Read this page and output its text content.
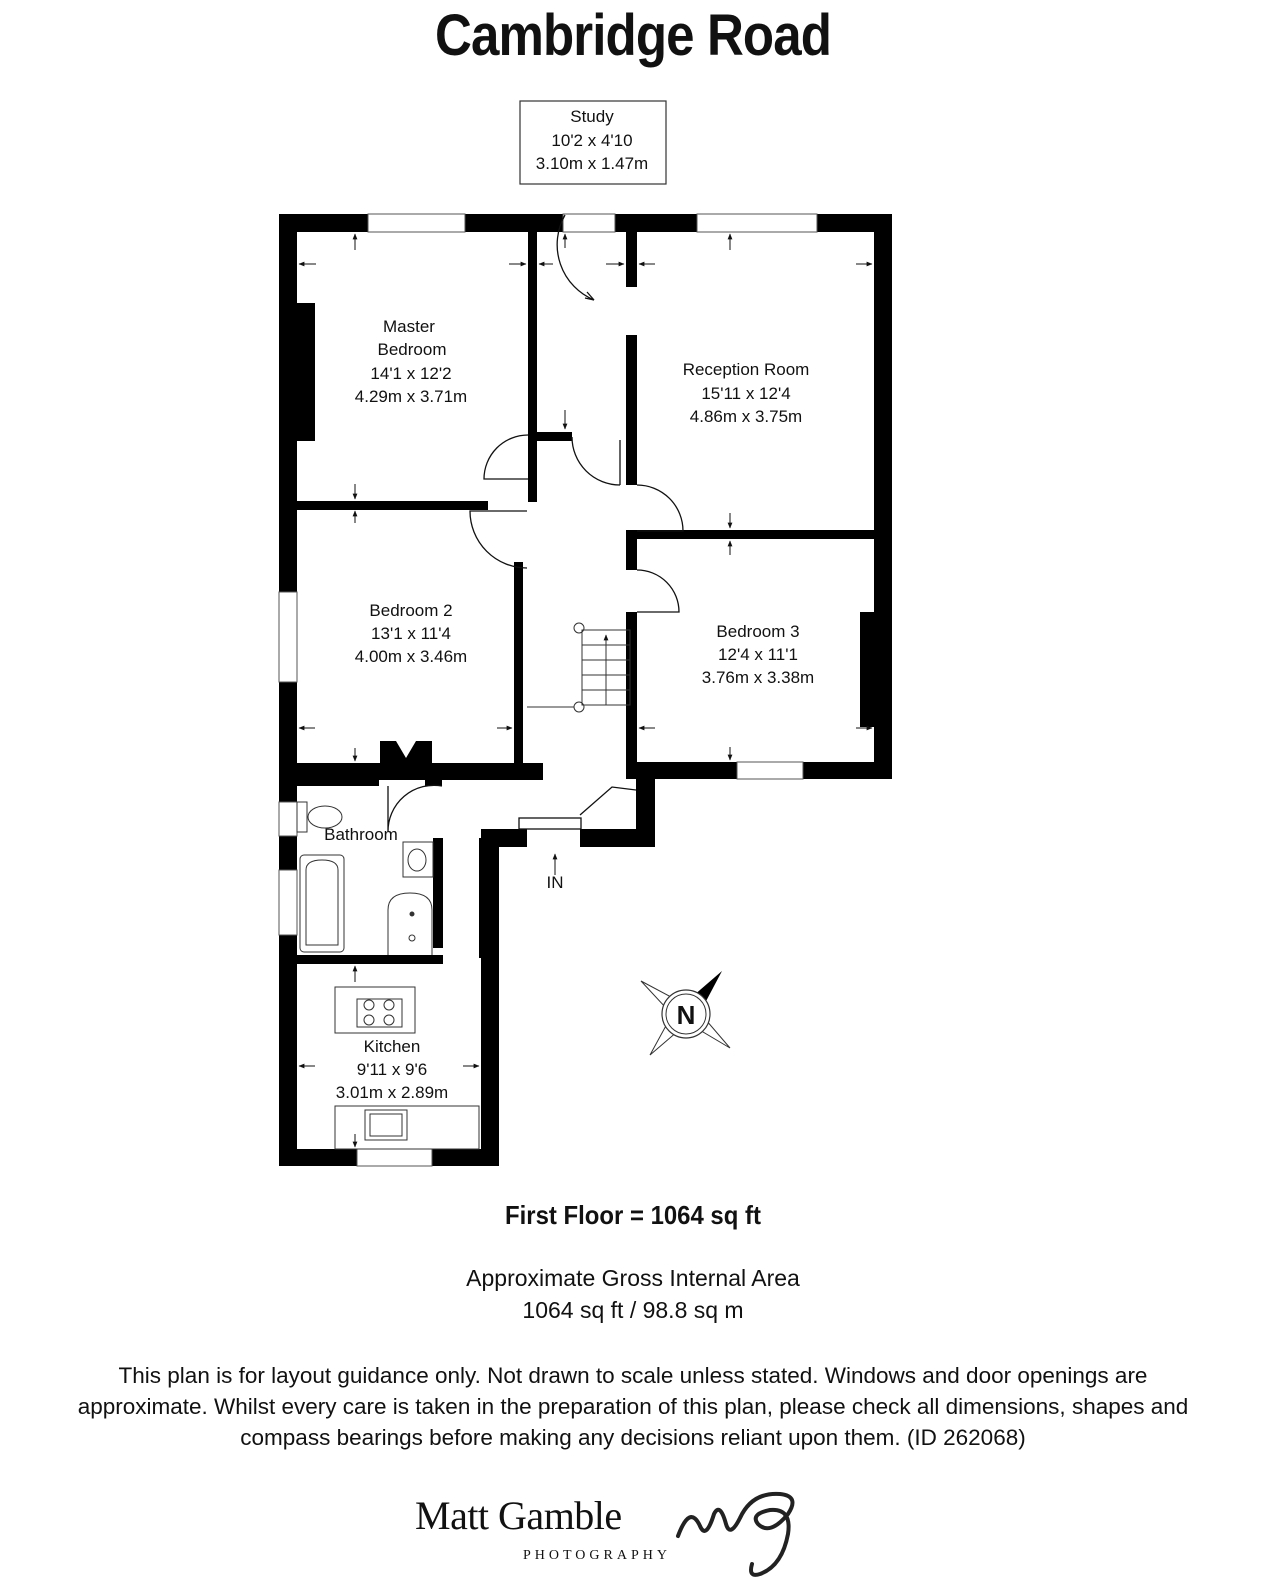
Cambridge Road
Study
10'2 x 4'10
3.10m x 1.47m
Master
Bedroom
14'1 x 12'2
4.29m x 3.71m
Reception Room
15'11 x 12'4
4.86m x 3.75m
Bedroom 2
13'1 x 11'4
4.00m x 3.46m
Bedroom 3
12'4 x 11'1
3.76m x 3.38m
Bathroom
Kitchen
9'11 x 9'6
3.01m x 2.89m
IN
N
First Floor = 1064 sq ft
Approximate Gross Internal Area
1064 sq ft / 98.8 sq m
This plan is for layout guidance only. Not drawn to scale unless stated. Windows and door openings are approximate. Whilst every care is taken in the preparation of this plan, please check all dimensions, shapes and compass bearings before making any decisions reliant upon them. (ID 262068)
Matt Gamble
PHOTOGRAPHY
